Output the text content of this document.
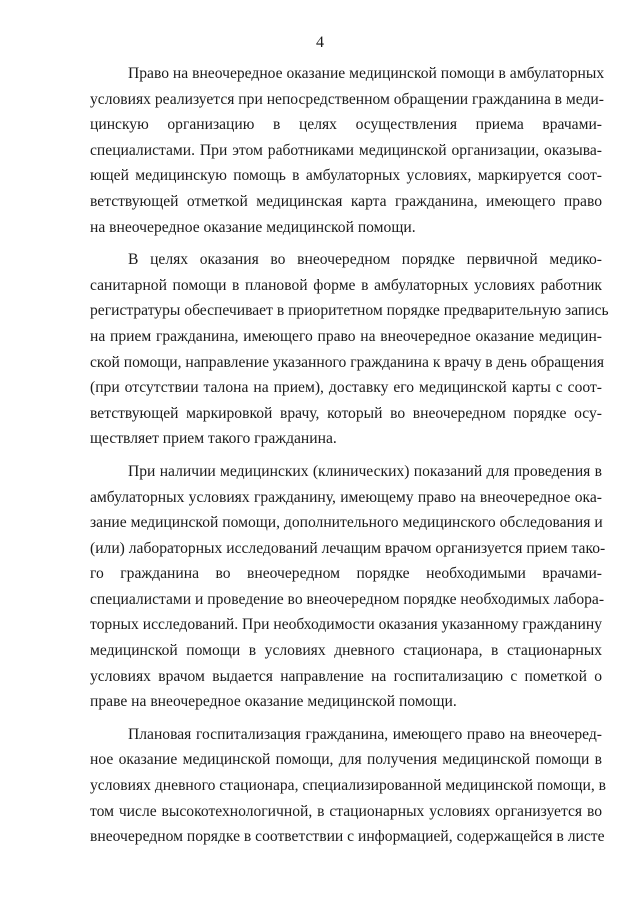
4
Право на внеочередное оказание медицинской помощи в амбулаторных
условиях реализуется при непосредственном обращении гражданина в меди-
цинскую организацию в целях осуществления приема врачами-
специалистами. При этом работниками медицинской организации, оказыва-
ющей медицинскую помощь в амбулаторных условиях, маркируется соот-
ветствующей отметкой медицинская карта гражданина, имеющего право
на внеочередное оказание медицинской помощи.
В целях оказания во внеочередном порядке первичной медико-
санитарной помощи в плановой форме в амбулаторных условиях работник
регистратуры обеспечивает в приоритетном порядке предварительную запись
на прием гражданина, имеющего право на внеочередное оказание медицин-
ской помощи, направление указанного гражданина к врачу в день обращения
(при отсутствии талона на прием), доставку его медицинской карты с соот-
ветствующей маркировкой врачу, который во внеочередном порядке осу-
ществляет прием такого гражданина.
При наличии медицинских (клинических) показаний для проведения в
амбулаторных условиях гражданину, имеющему право на внеочередное ока-
зание медицинской помощи, дополнительного медицинского обследования и
(или) лабораторных исследований лечащим врачом организуется прием тако-
го гражданина во внеочередном порядке необходимыми врачами-
специалистами и проведение во внеочередном порядке необходимых лабора-
торных исследований. При необходимости оказания указанному гражданину
медицинской помощи в условиях дневного стационара, в стационарных
условиях врачом выдается направление на госпитализацию с пометкой о
праве на внеочередное оказание медицинской помощи.
Плановая госпитализация гражданина, имеющего право на внеочеред-
ное оказание медицинской помощи, для получения медицинской помощи в
условиях дневного стационара, специализированной медицинской помощи, в
том числе высокотехнологичной, в стационарных условиях организуется во
внеочередном порядке в соответствии с информацией, содержащейся в листе
